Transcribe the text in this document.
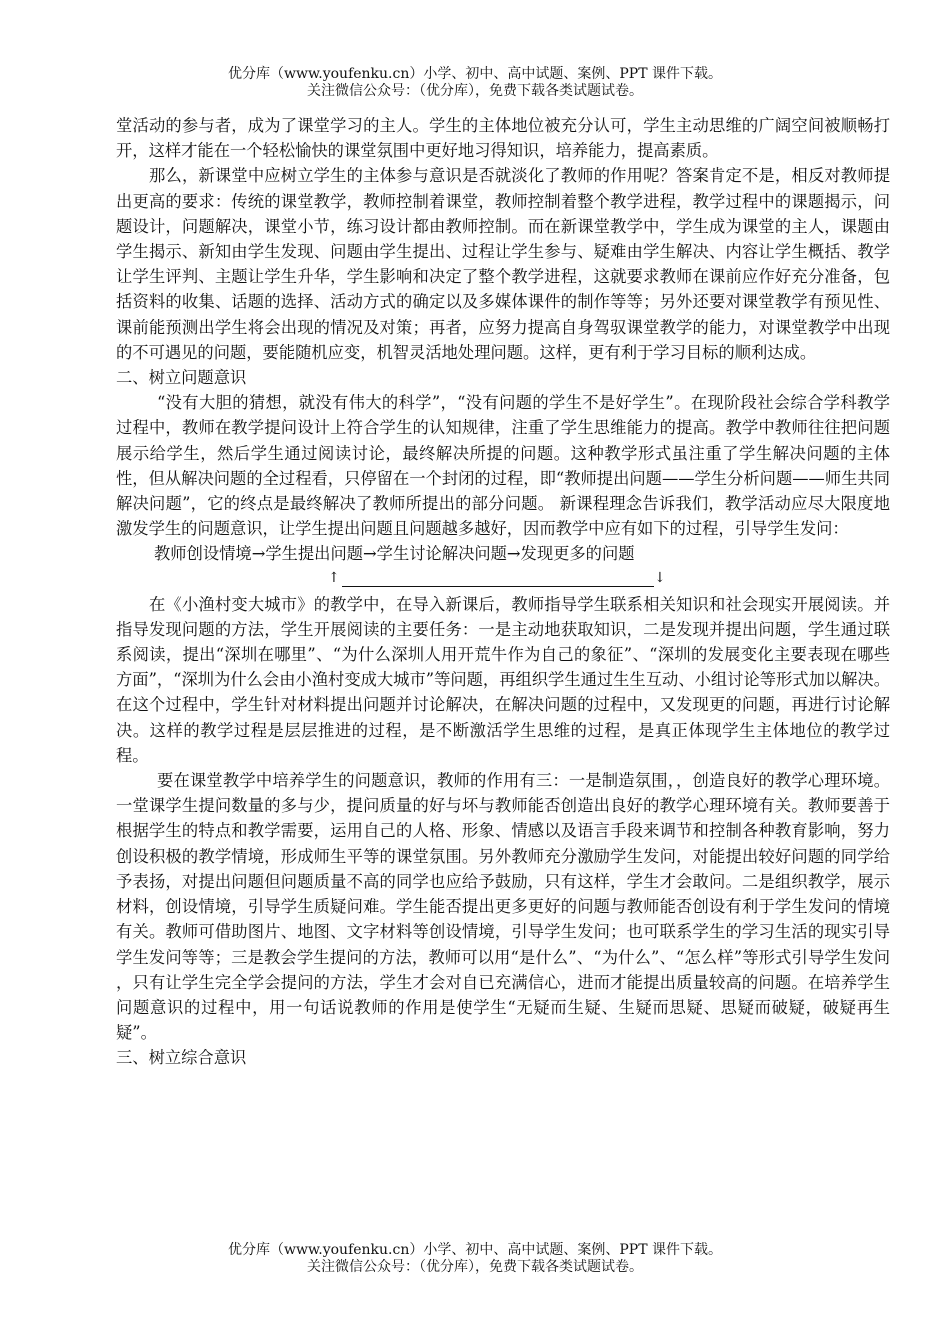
优分库（www.youfenku.cn）小学、初中、高中试题、案例、PPT 课件下载。
关注微信公众号：（优分库），免费下载各类试题试卷。

堂活动的参与者，成为了课堂学习的主人。学生的主体地位被充分认可，学生主动思维的广阔空间被顺畅打开，这样才能在一个轻松愉快的课堂氛围中更好地习得知识，培养能力，提高素质。

那么，新课堂中应树立学生的主体参与意识是否就淡化了教师的作用呢？答案肯定不是，相反对教师提出更高的要求：传统的课堂教学，教师控制着课堂，教师控制着整个教学进程，教学过程中的课题揭示，问题设计，问题解决，课堂小节，练习设计都由教师控制。而在新课堂教学中，学生成为课堂的主人，课题由学生揭示、新知由学生发现、问题由学生提出、过程让学生参与、疑难由学生解决、内容让学生概括、教学让学生评判、主题让学生升华，学生影响和决定了整个教学进程，这就要求教师在课前应作好充分准备，包括资料的收集、话题的选择、活动方式的确定以及多媒体课件的制作等等；另外还要对课堂教学有预见性、课前能预测出学生将会出现的情况及对策；再者，应努力提高自身驾驭课堂教学的能力，对课堂教学中出现的不可遇见的问题，要能随机应变，机智灵活地处理问题。这样，更有利于学习目标的顺利达成。

二、树立问题意识

“没有大胆的猜想，就没有伟大的科学”，“没有问题的学生不是好学生”。在现阶段社会综合学科教学过程中，教师在教学提问设计上符合学生的认知规律，注重了学生思维能力的提高。教学中教师往往把问题展示给学生，然后学生通过阅读讨论，最终解决所提的问题。这种教学形式虽注重了学生解决问题的主体性，但从解决问题的全过程看，只停留在一个封闭的过程，即“教师提出问题——学生分析问题——师生共同解决问题”，它的终点是最终解决了教师所提出的部分问题。 新课程理念告诉我们，教学活动应尽大限度地激发学生的问题意识，让学生提出问题且问题越多越好，因而教学中应有如下的过程，引导学生发问：

教师创设情境→学生提出问题→学生讨论解决问题→发现更多的问题

↑	↓

在《小渔村变大城市》的教学中，在导入新课后，教师指导学生联系相关知识和社会现实开展阅读。并指导发现问题的方法，学生开展阅读的主要任务：一是主动地获取知识，二是发现并提出问题，学生通过联系阅读，提出“深圳在哪里”、“为什么深圳人用开荒牛作为自己的象征”、“深圳的发展变化主要表现在哪些方面”，“深圳为什么会由小渔村变成大城市”等问题，再组织学生通过生生互动、小组讨论等形式加以解决。在这个过程中，学生针对材料提出问题并讨论解决，在解决问题的过程中，又发现更的问题，再进行讨论解决。这样的教学过程是层层推进的过程，是不断激活学生思维的过程，是真正体现学生主体地位的教学过程。

要在课堂教学中培养学生的问题意识，教师的作用有三：一是制造氛围，，创造良好的教学心理环境。一堂课学生提问数量的多与少，提问质量的好与坏与教师能否创造出良好的教学心理环境有关。教师要善于根据学生的特点和教学需要，运用自己的人格、形象、情感以及语言手段来调节和控制各种教育影响，努力创设积极的教学情境，形成师生平等的课堂氛围。另外教师充分激励学生发问，对能提出较好问题的同学给予表扬，对提出问题但问题质量不高的同学也应给予鼓励，只有这样，学生才会敢问。二是组织教学，展示材料，创设情境，引导学生质疑问难。学生能否提出更多更好的问题与教师能否创设有利于学生发问的情境有关。教师可借助图片、地图、文字材料等创设情境，引导学生发问；也可联系学生的学习生活的现实引导学生发问等等；三是教会学生提问的方法，教师可以用“是什么”、“为什么”、“怎么样”等形式引导学生发问 ，只有让学生完全学会提问的方法，学生才会对自已充满信心，进而才能提出质量较高的问题。在培养学生问题意识的过程中，用一句话说教师的作用是使学生“无疑而生疑、生疑而思疑、思疑而破疑，破疑再生疑”。

三、树立综合意识

优分库（www.youfenku.cn）小学、初中、高中试题、案例、PPT 课件下载。
关注微信公众号：（优分库），免费下载各类试题试卷。
